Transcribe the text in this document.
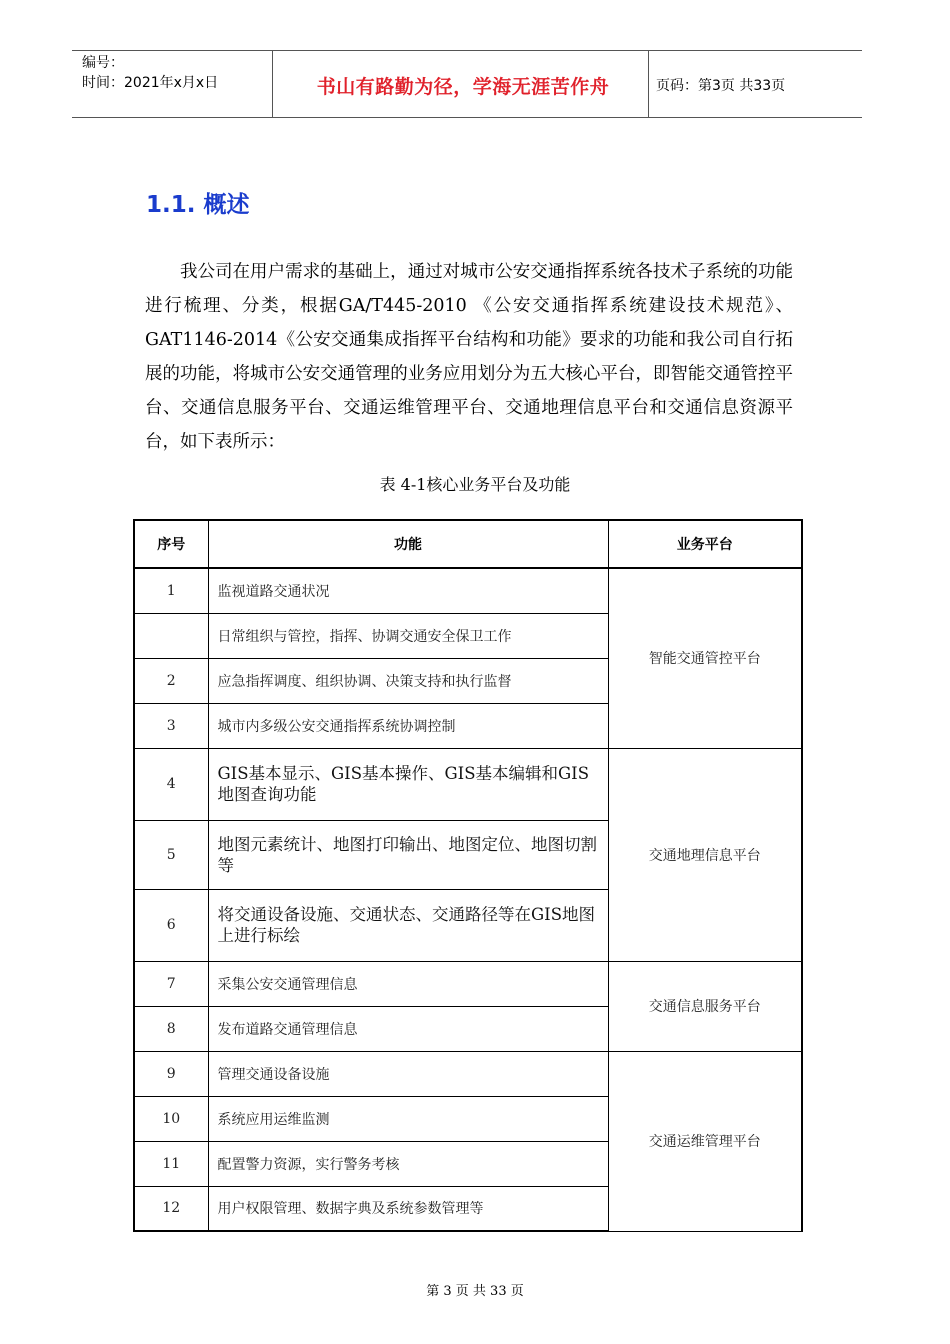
编号：
时间：2021年x月x日	书山有路勤为径，学海无涯苦作舟	页码：第3页 共33页
1.1. 概述
我公司在用户需求的基础上，通过对城市公安交通指挥系统各技术子系统的功能进行梳理、分类，根据GA/T445-2010 《公安交通指挥系统建设技术规范》、GAT1146-2014《公安交通集成指挥平台结构和功能》要求的功能和我公司自行拓展的功能，将城市公安交通管理的业务应用划分为五大核心平台，即智能交通管控平台、交通信息服务平台、交通运维管理平台、交通地理信息平台和交通信息资源平台，如下表所示：
表 4-1核心业务平台及功能
序号	功能	业务平台
1	监视道路交通状况	智能交通管控平台
	日常组织与管控，指挥、协调交通安全保卫工作	
2	应急指挥调度、组织协调、决策支持和执行监督	
3	城市内多级公安交通指挥系统协调控制	
4	GIS基本显示、GIS基本操作、GIS基本编辑和GIS地图查询功能	交通地理信息平台
5	地图元素统计、地图打印输出、地图定位、地图切割等	
6	将交通设备设施、交通状态、交通路径等在GIS地图上进行标绘	
7	采集公安交通管理信息	交通信息服务平台
8	发布道路交通管理信息	
9	管理交通设备设施	交通运维管理平台
10	系统应用运维监测	
11	配置警力资源，实行警务考核	
12	用户权限管理、数据字典及系统参数管理等	
第 3 页 共 33 页
